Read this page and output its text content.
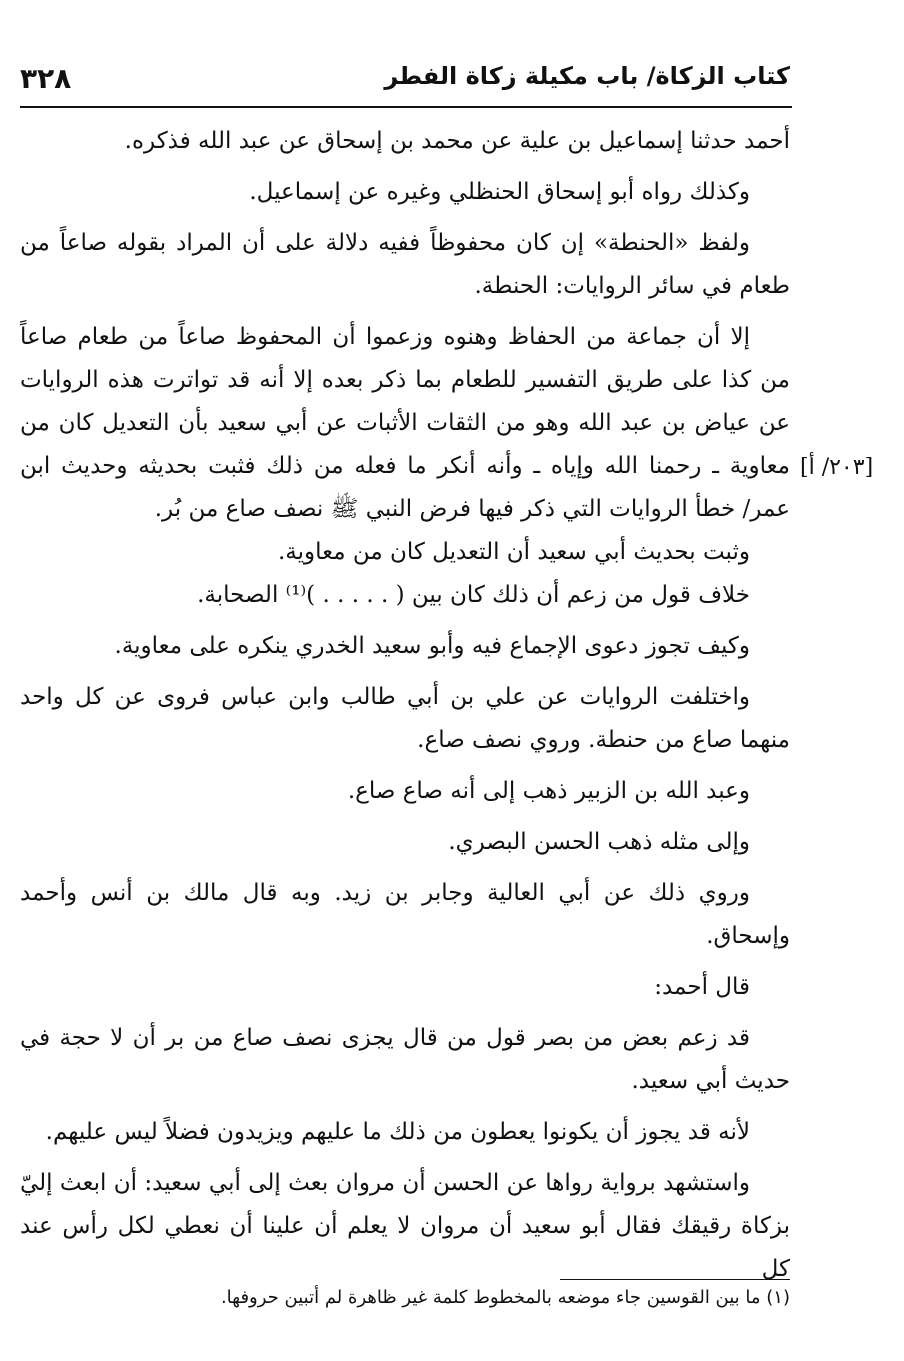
٣٢٨	كتاب الزكاة/ باب مكيلة زكاة الفطر

أحمد حدثنا إسماعيل بن علية عن محمد بن إسحاق عن عبد الله فذكره.

وكذلك رواه أبو إسحاق الحنظلي وغيره عن إسماعيل.

ولفظ «الحنطة» إن كان محفوظاً ففيه دلالة على أن المراد بقوله صاعاً من طعام في سائر الروايات: الحنطة.

إلا أن جماعة من الحفاظ وهنوه وزعموا أن المحفوظ صاعاً من طعام صاعاً من كذا على طريق التفسير للطعام بما ذكر بعده إلا أنه قد تواترت هذه الروايات عن عياض بن عبد الله وهو من الثقات الأثبات عن أبي سعيد بأن التعديل كان من معاوية ـ رحمنا الله وإياه ـ وأنه أنكر ما فعله من ذلك فثبت بحديثه وحديث ابن عمر/ خطأ الروايات التي ذكر فيها فرض النبي ﷺ نصف صاع من بُر.

وثبت بحديث أبي سعيد أن التعديل كان من معاوية.

خلاف قول من زعم أن ذلك كان بين ( . . . . . )⁽¹⁾ الصحابة.

وكيف تجوز دعوى الإجماع فيه وأبو سعيد الخدري ينكره على معاوية.

واختلفت الروايات عن علي بن أبي طالب وابن عباس فروى عن كل واحد منهما صاع من حنطة. وروي نصف صاع.

وعبد الله بن الزبير ذهب إلى أنه صاع صاع.

وإلى مثله ذهب الحسن البصري.

وروي ذلك عن أبي العالية وجابر بن زيد. وبه قال مالك بن أنس وأحمد وإسحاق.

قال أحمد:

قد زعم بعض من بصر قول من قال يجزى نصف صاع من بر أن لا حجة في حديث أبي سعيد.

لأنه قد يجوز أن يكونوا يعطون من ذلك ما عليهم ويزيدون فضلاً ليس عليهم.

واستشهد برواية رواها عن الحسن أن مروان بعث إلى أبي سعيد: أن ابعث إليّ بزكاة رقيقك فقال أبو سعيد أن مروان لا يعلم أن علينا أن نعطي لكل رأس عند كل

[٢٠٣/ أ]
(١) ما بين القوسين جاء موضعه بالمخطوط كلمة غير ظاهرة لم أتبين حروفها.
